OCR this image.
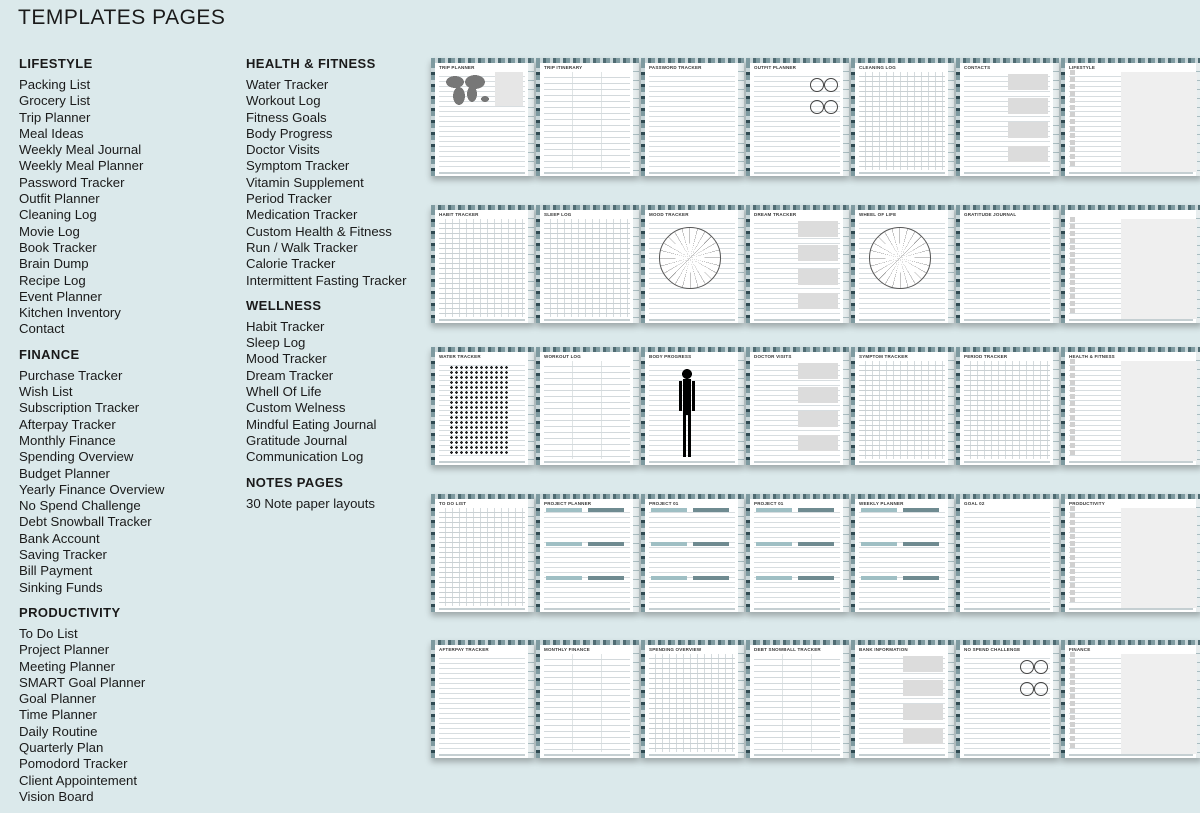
TEMPLATES PAGES
LIFESTYLE
Packing List
Grocery List
Trip Planner
Meal Ideas
Weekly Meal Journal
Weekly Meal Planner
Password Tracker
Outfit Planner
Cleaning Log
Movie Log
Book Tracker
Brain Dump
Recipe Log
Event Planner
Kitchen Inventory
Contact
FINANCE
Purchase Tracker
Wish List
Subscription Tracker
Afterpay Tracker
Monthly Finance
Spending Overview
Budget Planner
Yearly Finance Overview
No Spend Challenge
Debt Snowball Tracker
Bank Account
Saving Tracker
Bill Payment
Sinking Funds
PRODUCTIVITY
To Do List
Project Planner
Meeting Planner
SMART Goal Planner
Goal Planner
Time Planner
Daily Routine
Quarterly Plan
Pomodord Tracker
Client Appointement
Vision Board
HEALTH & FITNESS
Water Tracker
Workout Log
Fitness Goals
Body Progress
Doctor Visits
Symptom Tracker
Vitamin Supplement
Period Tracker
Medication Tracker
Custom Health & Fitness
Run / Walk Tracker
Calorie Tracker
Intermittent Fasting Tracker
WELLNESS
Habit Tracker
Sleep Log
Mood Tracker
Dream Tracker
Whell Of Life
Custom Welness
Mindful Eating Journal
Gratitude Journal
Communication Log
NOTES PAGES
30 Note paper layouts
TRIP PLANNER	TRIP ITINERARY	PASSWORD TRACKER	OUTFIT PLANNER	CLEANING LOG	CONTACTS	LIFESTYLE
HABIT TRACKER	SLEEP LOG	MOOD TRACKER	DREAM TRACKER	WHEEL OF LIFE	GRATITUDE JOURNAL
WATER TRACKER	WORKOUT LOG	BODY PROGRESS	DOCTOR VISITS	SYMPTOM TRACKER	PERIOD TRACKER	HEALTH & FITNESS
TO DO LIST	PROJECT PLANNER	PROJECT 01	PROJECT 01	WEEKLY PLANNER	GOAL 02	PRODUCTIVITY
AFTERPAY TRACKER	MONTHLY FINANCE	SPENDING OVERVIEW	DEBT SNOWBALL TRACKER	BANK INFORMATION	NO SPEND CHALLENGE	FINANCE
